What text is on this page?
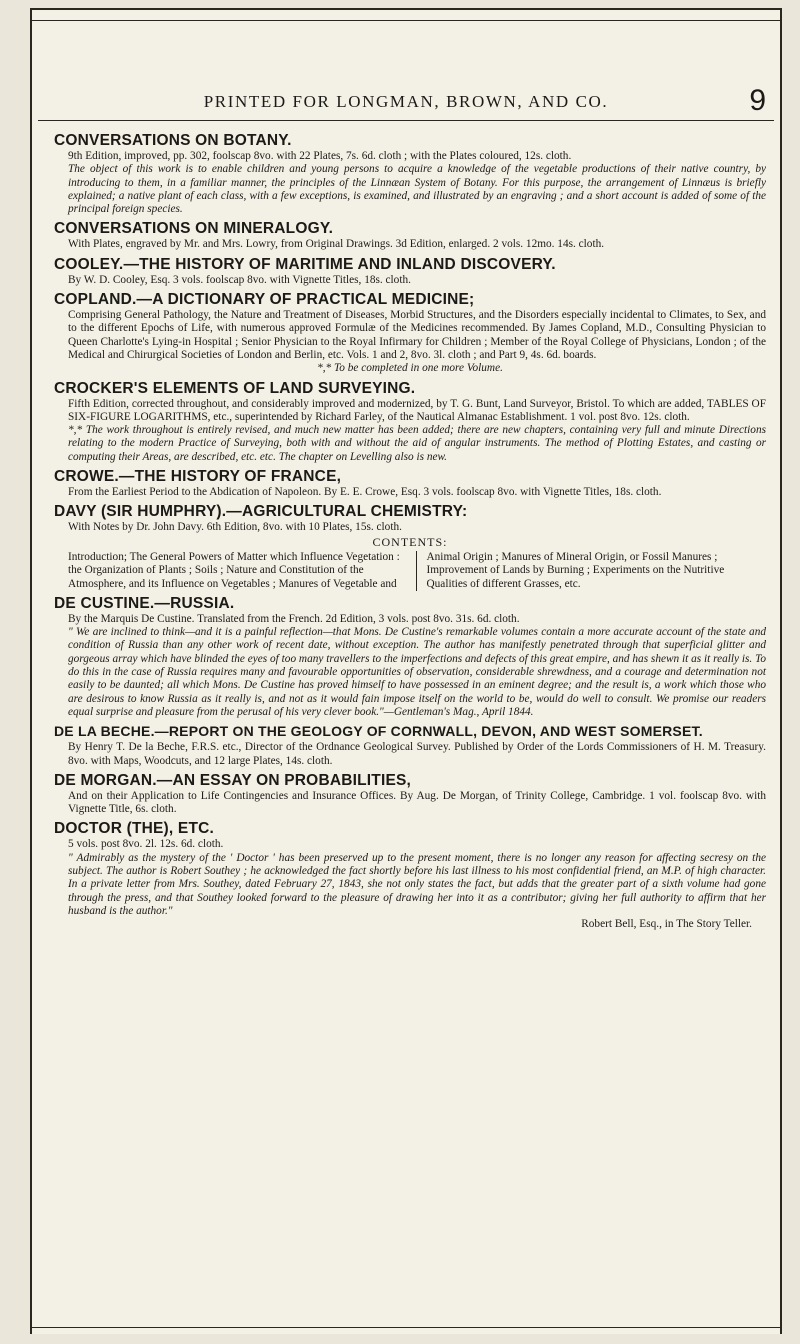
PRINTED FOR LONGMAN, BROWN, AND CO.	9
CONVERSATIONS ON BOTANY.

9th Edition, improved, pp. 302, foolscap 8vo. with 22 Plates, 7s. 6d. cloth ; with the Plates coloured, 12s. cloth.

The object of this work is to enable children and young persons to acquire a knowledge of the vegetable productions of their native country, by introducing to them, in a familiar manner, the principles of the Linnæan System of Botany. For this purpose, the arrangement of Linnæus is briefly explained; a native plant of each class, with a few exceptions, is examined, and illustrated by an engraving ; and a short account is added of some of the principal foreign species.

CONVERSATIONS ON MINERALOGY.

With Plates, engraved by Mr. and Mrs. Lowry, from Original Drawings. 3d Edition, enlarged. 2 vols. 12mo. 14s. cloth.

COOLEY.—THE HISTORY OF MARITIME AND INLAND DISCOVERY.

By W. D. Cooley, Esq. 3 vols. foolscap 8vo. with Vignette Titles, 18s. cloth.

COPLAND.—A DICTIONARY OF PRACTICAL MEDICINE;

Comprising General Pathology, the Nature and Treatment of Diseases, Morbid Structures, and the Disorders especially incidental to Climates, to Sex, and to the different Epochs of Life, with numerous approved Formulæ of the Medicines recommended. By James Copland, M.D., Consulting Physician to Queen Charlotte's Lying-in Hospital ; Senior Physician to the Royal Infirmary for Children ; Member of the Royal College of Physicians, London ; of the Medical and Chirurgical Societies of London and Berlin, etc. Vols. 1 and 2, 8vo. 3l. cloth ; and Part 9, 4s. 6d. boards.

*,* To be completed in one more Volume.

CROCKER'S ELEMENTS OF LAND SURVEYING.

Fifth Edition, corrected throughout, and considerably improved and modernized, by T. G. Bunt, Land Surveyor, Bristol. To which are added, TABLES OF SIX-FIGURE LOGARITHMS, etc., superintended by Richard Farley, of the Nautical Almanac Establishment. 1 vol. post 8vo. 12s. cloth.

*,* The work throughout is entirely revised, and much new matter has been added; there are new chapters, containing very full and minute Directions relating to the modern Practice of Surveying, both with and without the aid of angular instruments. The method of Plotting Estates, and casting or computing their Areas, are described, etc. etc. The chapter on Levelling also is new.

CROWE.—THE HISTORY OF FRANCE,

From the Earliest Period to the Abdication of Napoleon. By E. E. Crowe, Esq. 3 vols. foolscap 8vo. with Vignette Titles, 18s. cloth.

DAVY (SIR HUMPHRY).—AGRICULTURAL CHEMISTRY:

With Notes by Dr. John Davy. 6th Edition, 8vo. with 10 Plates, 15s. cloth.

CONTENTS:
Introduction; The General Powers of Matter which Influence Vegetation : the Organization of Plants ; Soils ; Nature and Constitution of the Atmosphere, and its Influence on Vegetables ; Manures of Vegetable and
Animal Origin ; Manures of Mineral Origin, or Fossil Manures ; Improvement of Lands by Burning ; Experiments on the Nutritive Qualities of different Grasses, etc.
DE CUSTINE.—RUSSIA.

By the Marquis De Custine. Translated from the French. 2d Edition, 3 vols. post 8vo. 31s. 6d. cloth.

" We are inclined to think—and it is a painful reflection—that Mons. De Custine's remarkable volumes contain a more accurate account of the state and condition of Russia than any other work of recent date, without exception. The author has manifestly penetrated through that superficial glitter and gorgeous array which have blinded the eyes of too many travellers to the imperfections and defects of this great empire, and has shewn it as it really is. To do this in the case of Russia requires many and favourable opportunities of observation, considerable shrewdness, and a courage and determination not easily to be daunted; all which Mons. De Custine has proved himself to have possessed in an eminent degree; and the result is, a work which those who are desirous to know Russia as it really is, and not as it would fain impose itself on the world to be, would do well to consult. We promise our readers equal surprise and pleasure from the perusal of his very clever book."—Gentleman's Mag., April 1844.

DE LA BECHE.—REPORT ON THE GEOLOGY OF CORNWALL, DEVON, AND WEST SOMERSET.

By Henry T. De la Beche, F.R.S. etc., Director of the Ordnance Geological Survey. Published by Order of the Lords Commissioners of H. M. Treasury. 8vo. with Maps, Woodcuts, and 12 large Plates, 14s. cloth.

DE MORGAN.—AN ESSAY ON PROBABILITIES,

And on their Application to Life Contingencies and Insurance Offices. By Aug. De Morgan, of Trinity College, Cambridge. 1 vol. foolscap 8vo. with Vignette Title, 6s. cloth.

DOCTOR (THE), ETC.

5 vols. post 8vo. 2l. 12s. 6d. cloth.

" Admirably as the mystery of the ' Doctor ' has been preserved up to the present moment, there is no longer any reason for affecting secresy on the subject. The author is Robert Southey ; he acknowledged the fact shortly before his last illness to his most confidential friend, an M.P. of high character. In a private letter from Mrs. Southey, dated February 27, 1843, she not only states the fact, but adds that the greater part of a sixth volume had gone through the press, and that Southey looked forward to the pleasure of drawing her into it as a contributor; giving her full authority to affirm that her husband is the author."

Robert Bell, Esq., in The Story Teller.
